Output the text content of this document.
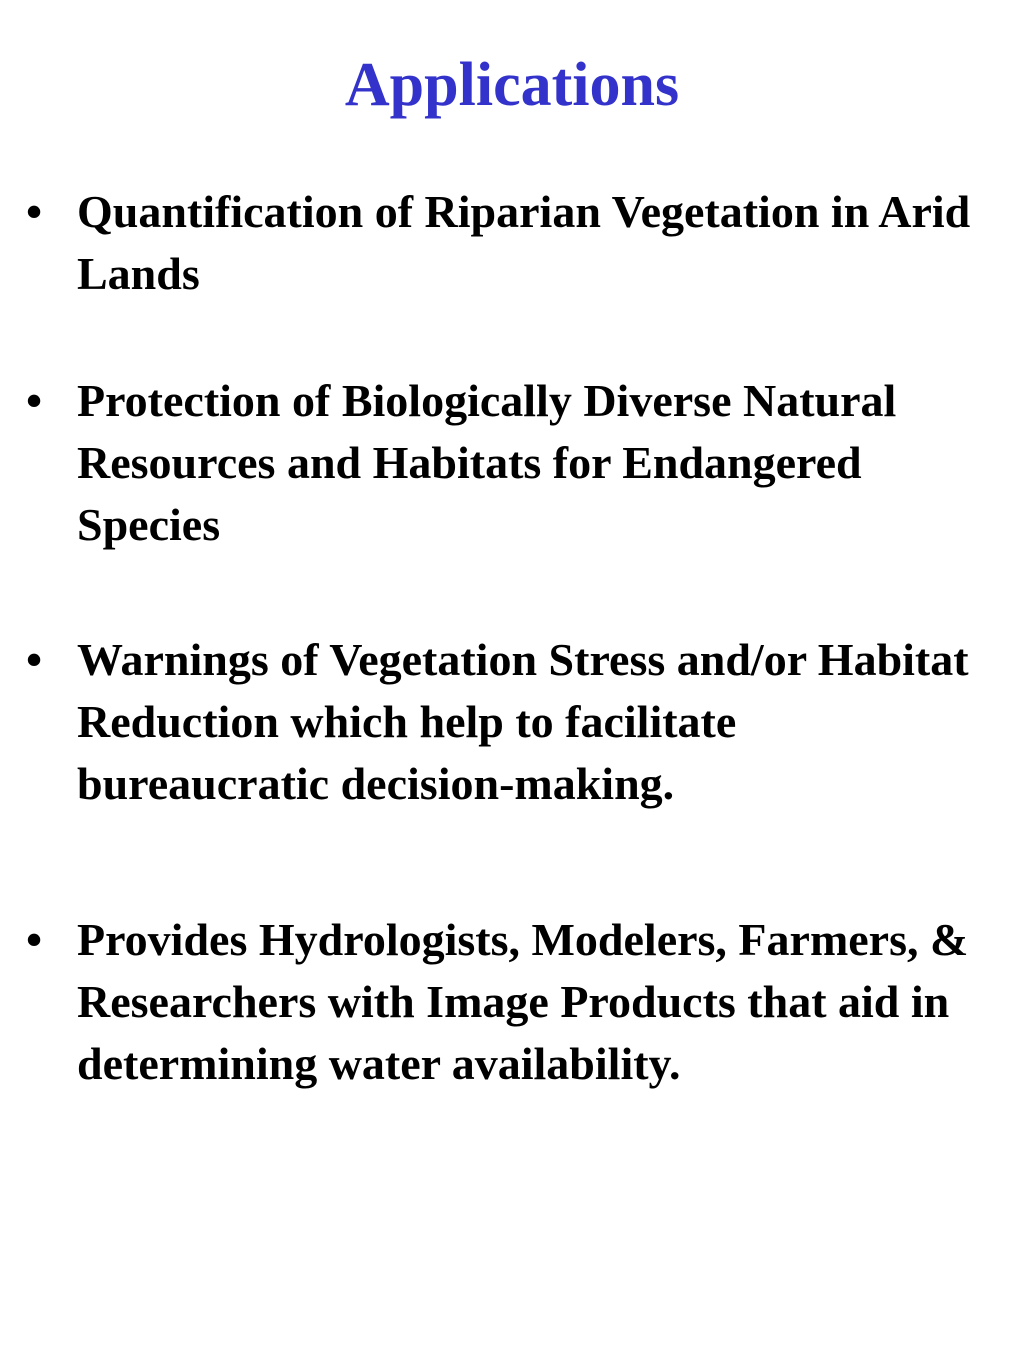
Applications
• Quantification of Riparian Vegetation in Arid Lands
• Protection of Biologically Diverse Natural Resources and Habitats for Endangered Species
• Warnings of Vegetation Stress and/or Habitat Reduction which help to facilitate bureaucratic decision-making.
• Provides Hydrologists, Modelers, Farmers, & Researchers with Image Products that aid in determining water availability.
